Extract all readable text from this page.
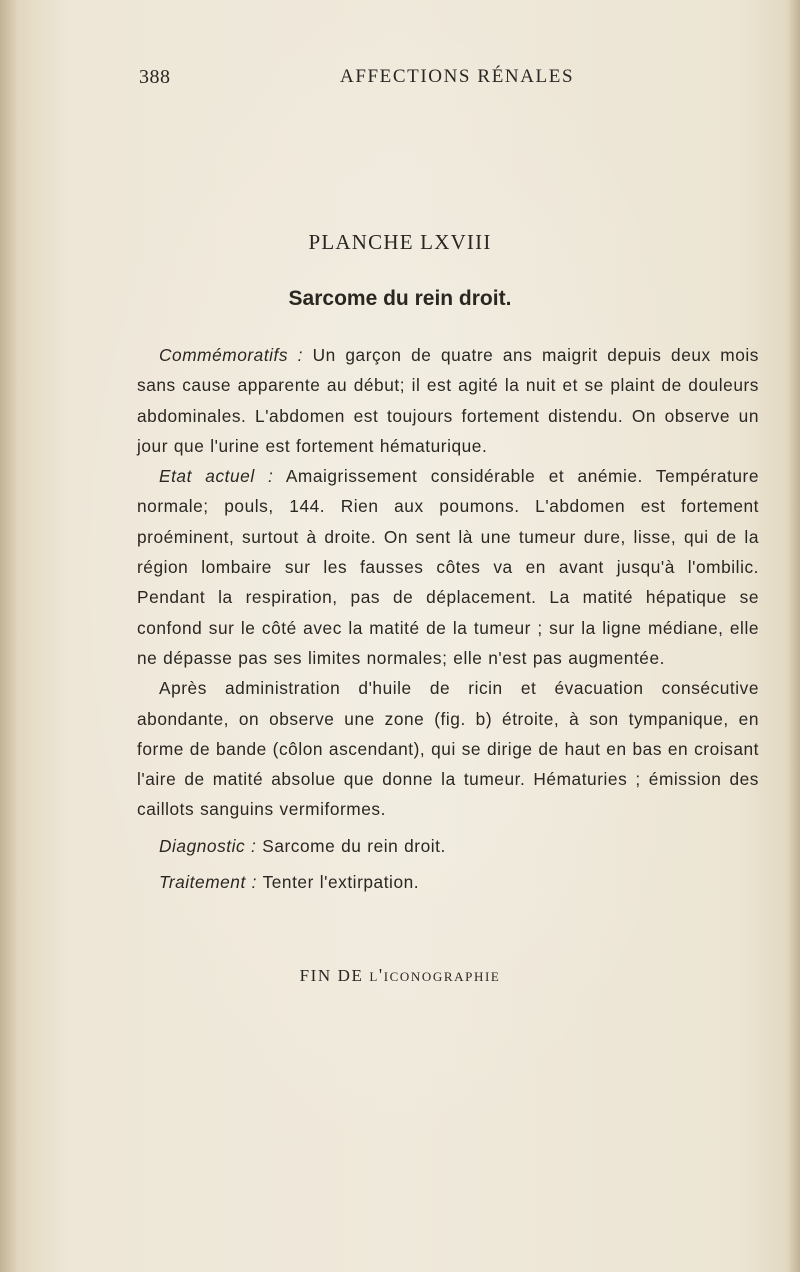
388	AFFECTIONS RÉNALES
PLANCHE LXVIII
Sarcome du rein droit.

Commémoratifs : Un garçon de quatre ans maigrit depuis deux mois sans cause apparente au début; il est agité la nuit et se plaint de douleurs abdominales. L'abdomen est toujours fortement distendu. On observe un jour que l'urine est fortement hématurique.

Etat actuel : Amaigrissement considérable et anémie. Température normale; pouls, 144. Rien aux poumons. L'abdomen est fortement proéminent, surtout à droite. On sent là une tumeur dure, lisse, qui de la région lombaire sur les fausses côtes va en avant jusqu'à l'ombilic. Pendant la respiration, pas de déplacement. La matité hépatique se confond sur le côté avec la matité de la tumeur ; sur la ligne médiane, elle ne dépasse pas ses limites normales; elle n'est pas augmentée.

Après administration d'huile de ricin et évacuation consécutive abondante, on observe une zone (fig. b) étroite, à son tympanique, en forme de bande (côlon ascendant), qui se dirige de haut en bas en croisant l'aire de matité absolue que donne la tumeur. Hématuries ; émission des caillots sanguins vermiformes.

Diagnostic : Sarcome du rein droit.

Traitement : Tenter l'extirpation.

FIN DE l'iconographie
